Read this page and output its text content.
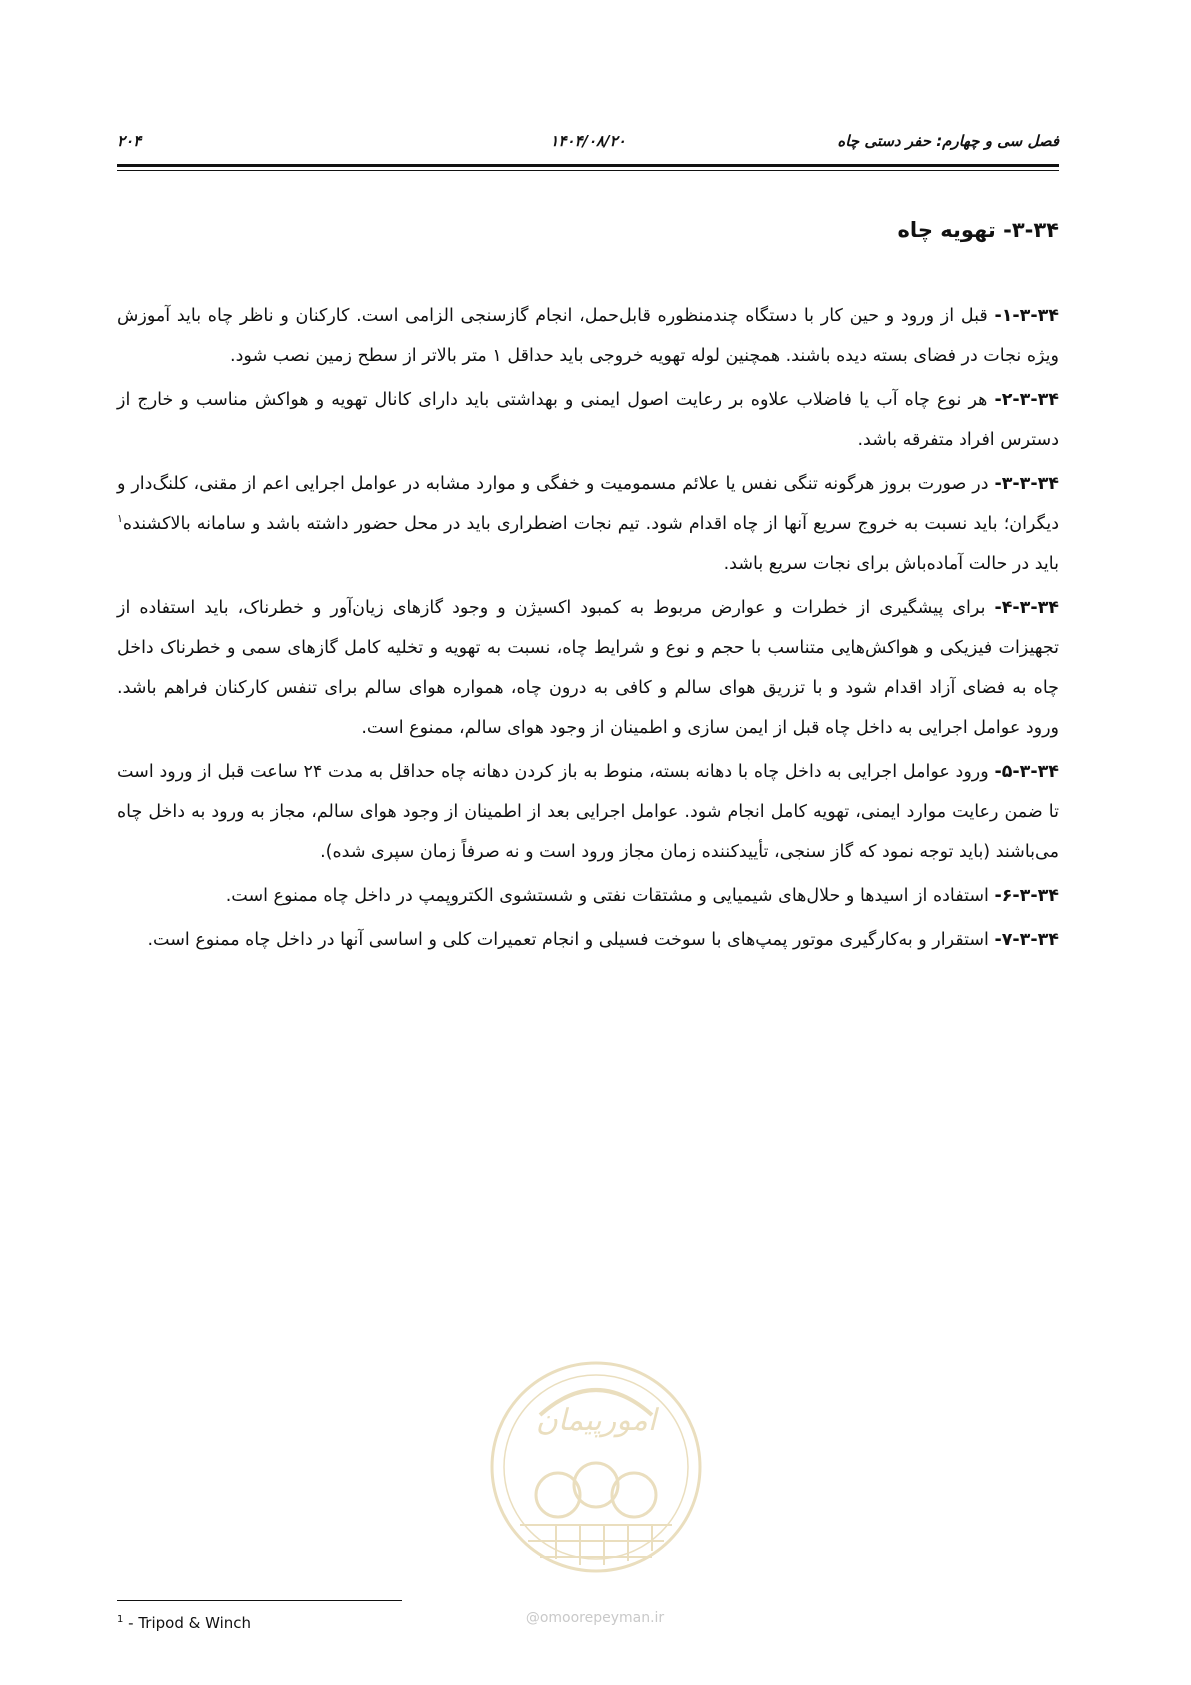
فصل سی و چهارم: حفر دستی چاه
۱۴۰۴/۰۸/۲۰
۲۰۴
۳-۳۴- تهویه چاه

۱-۳-۳۴- قبل از ورود و حین کار با دستگاه چندمنظوره قابل‌حمل، انجام گازسنجی الزامی است. کارکنان و ناظر چاه باید آموزش ویژه نجات در فضای بسته دیده باشند. همچنین لوله تهویه خروجی باید حداقل ۱ متر بالاتر از سطح زمین نصب شود.

۲-۳-۳۴- هر نوع چاه آب یا فاضلاب علاوه بر رعایت اصول ایمنی و بهداشتی باید دارای کانال تهویه و هواکش مناسب و خارج از دسترس افراد متفرقه باشد.

۳-۳-۳۴- در صورت بروز هرگونه تنگی نفس یا علائم مسمومیت و خفگی و موارد مشابه در عوامل اجرایی اعم از مقنی، کلنگ‌دار و دیگران؛ باید نسبت به خروج سریع آنها از چاه اقدام شود. تیم نجات اضطراری باید در محل حضور داشته باشد و سامانه بالاکشنده$^۱$ باید در حالت آماده‌باش برای نجات سریع باشد.

۴-۳-۳۴- برای پیشگیری از خطرات و عوارض مربوط به کمبود اکسیژن و وجود گازهای زیان‌آور و خطرناک، باید استفاده از تجهیزات فیزیکی و هواکش‌هایی متناسب با حجم و نوع و شرایط چاه، نسبت به تهویه و تخلیه کامل گازهای سمی و خطرناک داخل چاه به فضای آزاد اقدام شود و با تزریق هوای سالم و کافی به درون چاه، همواره هوای سالم برای تنفس کارکنان فراهم باشد. ورود عوامل اجرایی به داخل چاه قبل از ایمن سازی و اطمینان از وجود هوای سالم، ممنوع است.

۵-۳-۳۴- ورود عوامل اجرایی به داخل چاه با دهانه بسته، منوط به باز کردن دهانه چاه حداقل به مدت ۲۴ ساعت قبل از ورود است تا ضمن رعایت موارد ایمنی، تهویه کامل انجام شود. عوامل اجرایی بعد از اطمینان از وجود هوای سالم، مجاز به ورود به داخل چاه می‌باشند (باید توجه نمود که گاز سنجی، تأییدکننده زمان مجاز ورود است و نه صرفاً زمان سپری شده).

۶-۳-۳۴- استفاده از اسیدها و حلال‌های شیمیایی و مشتقات نفتی و شستشوی الکتروپمپ در داخل چاه ممنوع است.

۷-۳-۳۴- استقرار و به‌کارگیری موتور پمپ‌های با سوخت فسیلی و انجام تعمیرات کلی و اساسی آنها در داخل چاه ممنوع است.

امورپیمان
@omoorepeyman.ir
$^1$ - Tripod & Winch
